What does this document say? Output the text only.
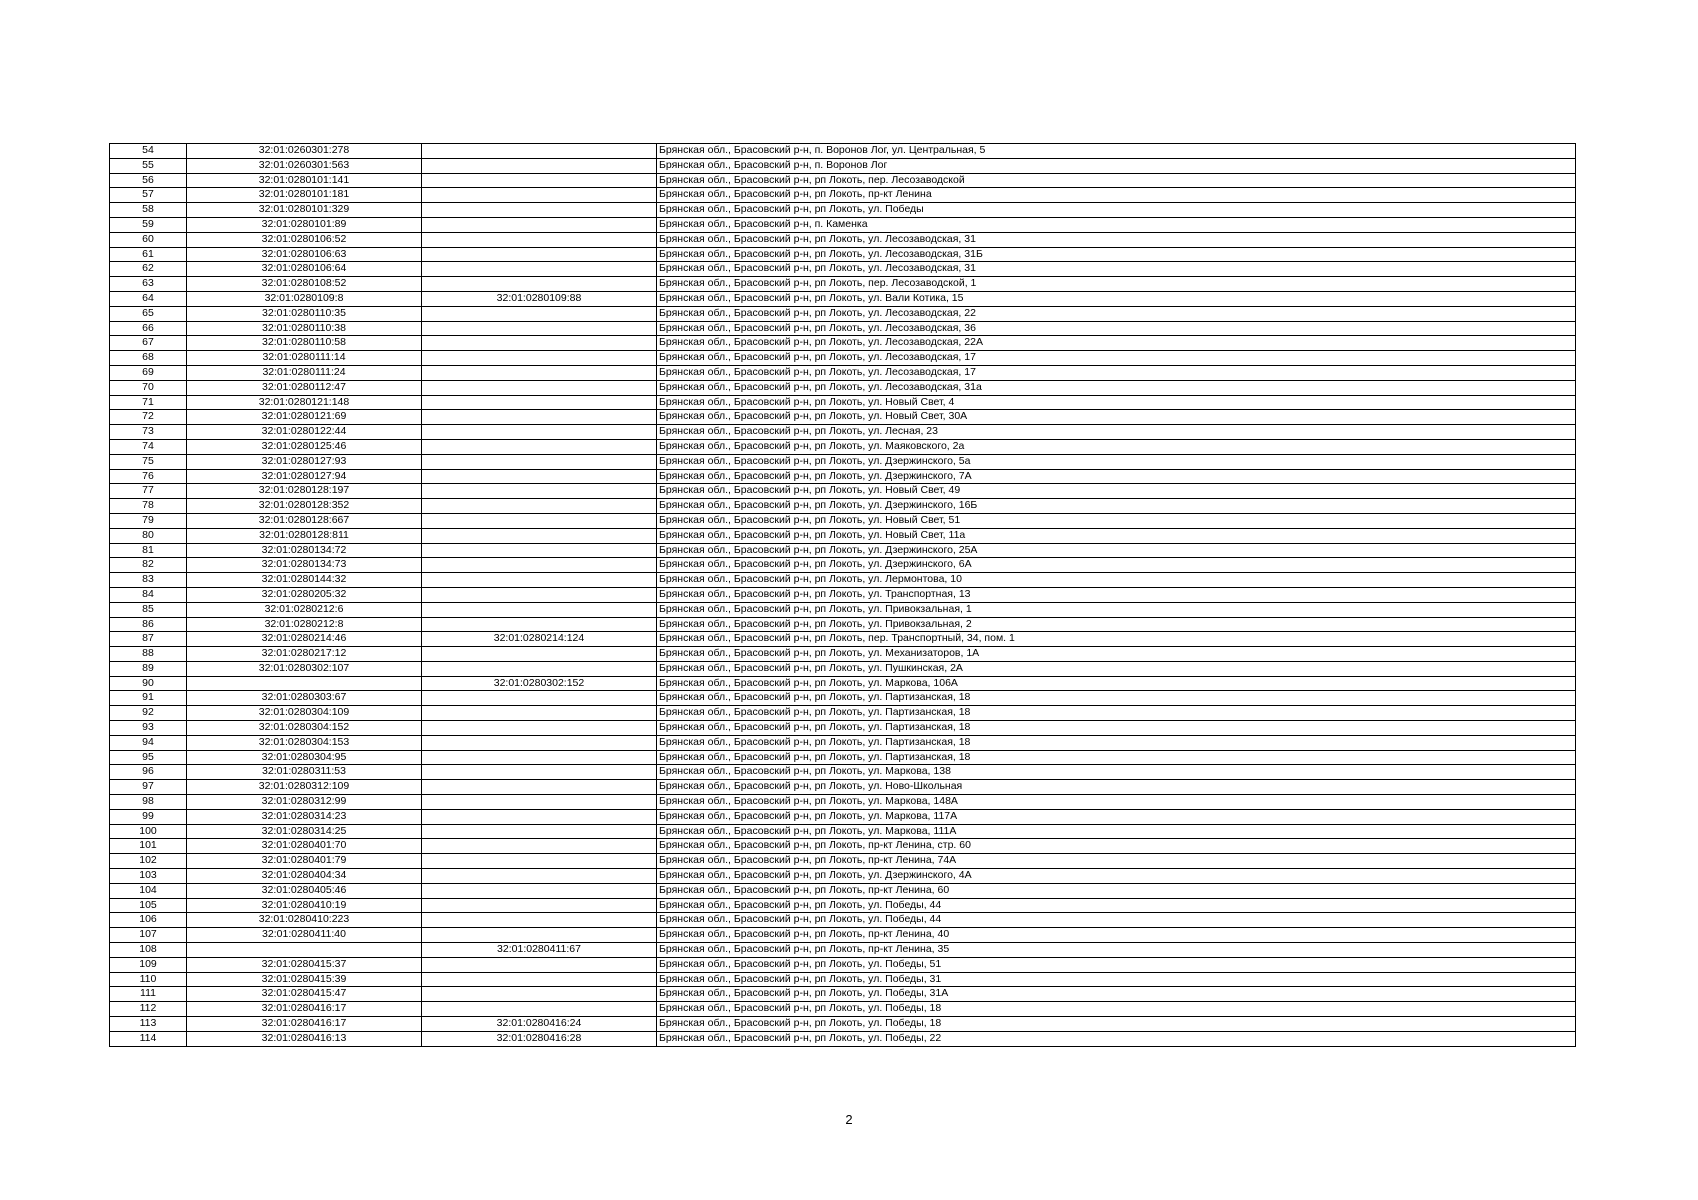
54	32:01:0260301:278		Брянская обл., Брасовский р-н, п. Воронов Лог, ул. Центральная, 5
55	32:01:0260301:563		Брянская обл., Брасовский р-н, п. Воронов Лог
56	32:01:0280101:141		Брянская обл., Брасовский р-н, рп Локоть, пер. Лесозаводской
57	32:01:0280101:181		Брянская обл., Брасовский р-н, рп Локоть, пр-кт Ленина
58	32:01:0280101:329		Брянская обл., Брасовский р-н, рп Локоть, ул. Победы
59	32:01:0280101:89		Брянская обл., Брасовский р-н, п. Каменка
60	32:01:0280106:52		Брянская обл., Брасовский р-н, рп Локоть, ул. Лесозаводская, 31
61	32:01:0280106:63		Брянская обл., Брасовский р-н, рп Локоть, ул. Лесозаводская, 31Б
62	32:01:0280106:64		Брянская обл., Брасовский р-н, рп Локоть, ул. Лесозаводская, 31
63	32:01:0280108:52		Брянская обл., Брасовский р-н, рп Локоть, пер. Лесозаводской, 1
64	32:01:0280109:8	32:01:0280109:88	Брянская обл., Брасовский р-н, рп Локоть, ул. Вали Котика, 15
65	32:01:0280110:35		Брянская обл., Брасовский р-н, рп Локоть, ул. Лесозаводская, 22
66	32:01:0280110:38		Брянская обл., Брасовский р-н, рп Локоть, ул. Лесозаводская, 36
67	32:01:0280110:58		Брянская обл., Брасовский р-н, рп Локоть, ул. Лесозаводская, 22А
68	32:01:0280111:14		Брянская обл., Брасовский р-н, рп Локоть, ул. Лесозаводская, 17
69	32:01:0280111:24		Брянская обл., Брасовский р-н, рп Локоть, ул. Лесозаводская, 17
70	32:01:0280112:47		Брянская обл., Брасовский р-н, рп Локоть, ул. Лесозаводская, 31а
71	32:01:0280121:148		Брянская обл., Брасовский р-н, рп Локоть, ул. Новый Свет, 4
72	32:01:0280121:69		Брянская обл., Брасовский р-н, рп Локоть, ул. Новый Свет, 30А
73	32:01:0280122:44		Брянская обл., Брасовский р-н, рп Локоть, ул. Лесная, 23
74	32:01:0280125:46		Брянская обл., Брасовский р-н, рп Локоть, ул. Маяковского, 2а
75	32:01:0280127:93		Брянская обл., Брасовский р-н, рп Локоть, ул. Дзержинского, 5а
76	32:01:0280127:94		Брянская обл., Брасовский р-н, рп Локоть, ул. Дзержинского, 7А
77	32:01:0280128:197		Брянская обл., Брасовский р-н, рп Локоть, ул. Новый Свет, 49
78	32:01:0280128:352		Брянская обл., Брасовский р-н, рп Локоть, ул. Дзержинского, 16Б
79	32:01:0280128:667		Брянская обл., Брасовский р-н, рп Локоть, ул. Новый Свет, 51
80	32:01:0280128:811		Брянская обл., Брасовский р-н, рп Локоть, ул. Новый Свет, 11а
81	32:01:0280134:72		Брянская обл., Брасовский р-н, рп Локоть, ул. Дзержинского, 25А
82	32:01:0280134:73		Брянская обл., Брасовский р-н, рп Локоть, ул. Дзержинского, 6А
83	32:01:0280144:32		Брянская обл., Брасовский р-н, рп Локоть, ул. Лермонтова, 10
84	32:01:0280205:32		Брянская обл., Брасовский р-н, рп Локоть, ул. Транспортная, 13
85	32:01:0280212:6		Брянская обл., Брасовский р-н, рп Локоть, ул. Привокзальная, 1
86	32:01:0280212:8		Брянская обл., Брасовский р-н, рп Локоть, ул. Привокзальная, 2
87	32:01:0280214:46	32:01:0280214:124	Брянская обл., Брасовский р-н, рп Локоть, пер. Транспортный, 34, пом. 1
88	32:01:0280217:12		Брянская обл., Брасовский р-н, рп Локоть, ул. Механизаторов, 1А
89	32:01:0280302:107		Брянская обл., Брасовский р-н, рп Локоть, ул. Пушкинская, 2А
90		32:01:0280302:152	Брянская обл., Брасовский р-н, рп Локоть, ул. Маркова, 106А
91	32:01:0280303:67		Брянская обл., Брасовский р-н, рп Локоть, ул. Партизанская, 18
92	32:01:0280304:109		Брянская обл., Брасовский р-н, рп Локоть, ул. Партизанская, 18
93	32:01:0280304:152		Брянская обл., Брасовский р-н, рп Локоть, ул. Партизанская, 18
94	32:01:0280304:153		Брянская обл., Брасовский р-н, рп Локоть, ул. Партизанская, 18
95	32:01:0280304:95		Брянская обл., Брасовский р-н, рп Локоть, ул. Партизанская, 18
96	32:01:0280311:53		Брянская обл., Брасовский р-н, рп Локоть, ул. Маркова, 138
97	32:01:0280312:109		Брянская обл., Брасовский р-н, рп Локоть, ул. Ново-Школьная
98	32:01:0280312:99		Брянская обл., Брасовский р-н, рп Локоть, ул. Маркова, 148А
99	32:01:0280314:23		Брянская обл., Брасовский р-н, рп Локоть, ул. Маркова, 117А
100	32:01:0280314:25		Брянская обл., Брасовский р-н, рп Локоть, ул. Маркова, 111А
101	32:01:0280401:70		Брянская обл., Брасовский р-н, рп Локоть, пр-кт Ленина, стр. 60
102	32:01:0280401:79		Брянская обл., Брасовский р-н, рп Локоть, пр-кт Ленина, 74А
103	32:01:0280404:34		Брянская обл., Брасовский р-н, рп Локоть, ул. Дзержинского, 4А
104	32:01:0280405:46		Брянская обл., Брасовский р-н, рп Локоть, пр-кт Ленина, 60
105	32:01:0280410:19		Брянская обл., Брасовский р-н, рп Локоть, ул. Победы, 44
106	32:01:0280410:223		Брянская обл., Брасовский р-н, рп Локоть, ул. Победы, 44
107	32:01:0280411:40		Брянская обл., Брасовский р-н, рп Локоть, пр-кт Ленина, 40
108		32:01:0280411:67	Брянская обл., Брасовский р-н, рп Локоть, пр-кт Ленина, 35
109	32:01:0280415:37		Брянская обл., Брасовский р-н, рп Локоть, ул. Победы, 51
110	32:01:0280415:39		Брянская обл., Брасовский р-н, рп Локоть, ул. Победы, 31
111	32:01:0280415:47		Брянская обл., Брасовский р-н, рп Локоть, ул. Победы, 31А
112	32:01:0280416:17		Брянская обл., Брасовский р-н, рп Локоть, ул. Победы, 18
113	32:01:0280416:17	32:01:0280416:24	Брянская обл., Брасовский р-н, рп Локоть, ул. Победы, 18
114	32:01:0280416:13	32:01:0280416:28	Брянская обл., Брасовский р-н, рп Локоть, ул. Победы, 22
2
